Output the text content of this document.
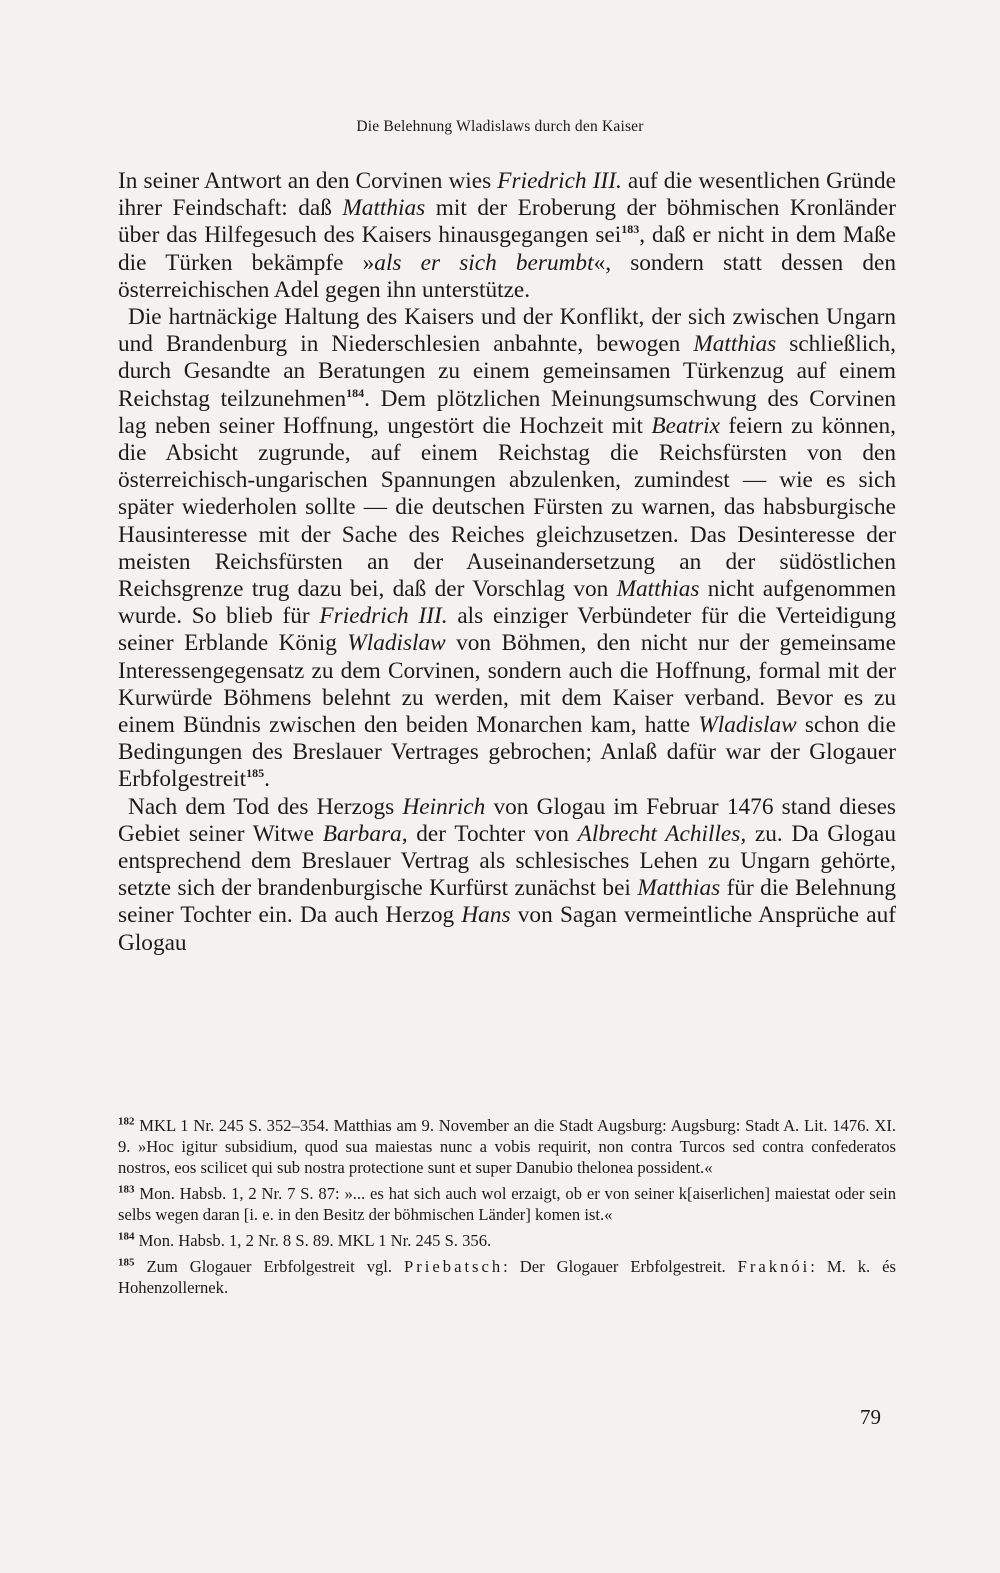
Die Belehnung Wladislaws durch den Kaiser

In seiner Antwort an den Corvinen wies Friedrich III. auf die wesentlichen Gründe ihrer Feindschaft: daß Matthias mit der Eroberung der böhmischen Kronländer über das Hilfegesuch des Kaisers hinausgegangen sei$^{183}$, daß er nicht in dem Maße die Türken bekämpfe »als er sich berumbt«, sondern statt dessen den österreichischen Adel gegen ihn unterstütze.

Die hartnäckige Haltung des Kaisers und der Konflikt, der sich zwischen Ungarn und Brandenburg in Niederschlesien anbahnte, bewogen Matthias schließlich, durch Gesandte an Beratungen zu einem gemeinsamen Türkenzug auf einem Reichstag teilzunehmen$^{184}$. Dem plötzlichen Meinungsumschwung des Corvinen lag neben seiner Hoffnung, ungestört die Hochzeit mit Beatrix feiern zu können, die Absicht zugrunde, auf einem Reichstag die Reichsfürsten von den österreichisch-ungarischen Spannungen abzulenken, zumindest — wie es sich später wiederholen sollte — die deutschen Fürsten zu warnen, das habsburgische Hausinteresse mit der Sache des Reiches gleichzusetzen. Das Desinteresse der meisten Reichsfürsten an der Auseinandersetzung an der südöstlichen Reichsgrenze trug dazu bei, daß der Vorschlag von Matthias nicht aufgenommen wurde. So blieb für Friedrich III. als einziger Verbündeter für die Verteidigung seiner Erblande König Wladislaw von Böhmen, den nicht nur der gemeinsame Interessengegensatz zu dem Corvinen, sondern auch die Hoffnung, formal mit der Kurwürde Böhmens belehnt zu werden, mit dem Kaiser verband. Bevor es zu einem Bündnis zwischen den beiden Monarchen kam, hatte Wladislaw schon die Bedingungen des Breslauer Vertrages gebrochen; Anlaß dafür war der Glogauer Erbfolgestreit$^{185}$.

Nach dem Tod des Herzogs Heinrich von Glogau im Februar 1476 stand dieses Gebiet seiner Witwe Barbara, der Tochter von Albrecht Achilles, zu. Da Glogau entsprechend dem Breslauer Vertrag als schlesisches Lehen zu Ungarn gehörte, setzte sich der brandenburgische Kurfürst zunächst bei Matthias für die Belehnung seiner Tochter ein. Da auch Herzog Hans von Sagan vermeintliche Ansprüche auf Glogau

$^{182}$ MKL 1 Nr. 245 S. 352–354. Matthias am 9. November an die Stadt Augsburg: Augsburg: Stadt A. Lit. 1476. XI. 9. »Hoc igitur subsidium, quod sua maiestas nunc a vobis requirit, non contra Turcos sed contra confederatos nostros, eos scilicet qui sub nostra protectione sunt et super Danubio thelonea possident.«

$^{183}$ Mon. Habsb. 1, 2 Nr. 7 S. 87: »... es hat sich auch wol erzaigt, ob er von seiner k[aiserlichen] maiestat oder sein selbs wegen daran [i. e. in den Besitz der böhmischen Länder] komen ist.«

$^{184}$ Mon. Habsb. 1, 2 Nr. 8 S. 89. MKL 1 Nr. 245 S. 356.

$^{185}$ Zum Glogauer Erbfolgestreit vgl. Priebatsch: Der Glogauer Erbfolgestreit. Fraknói: M. k. és Hohenzollernek.

79
